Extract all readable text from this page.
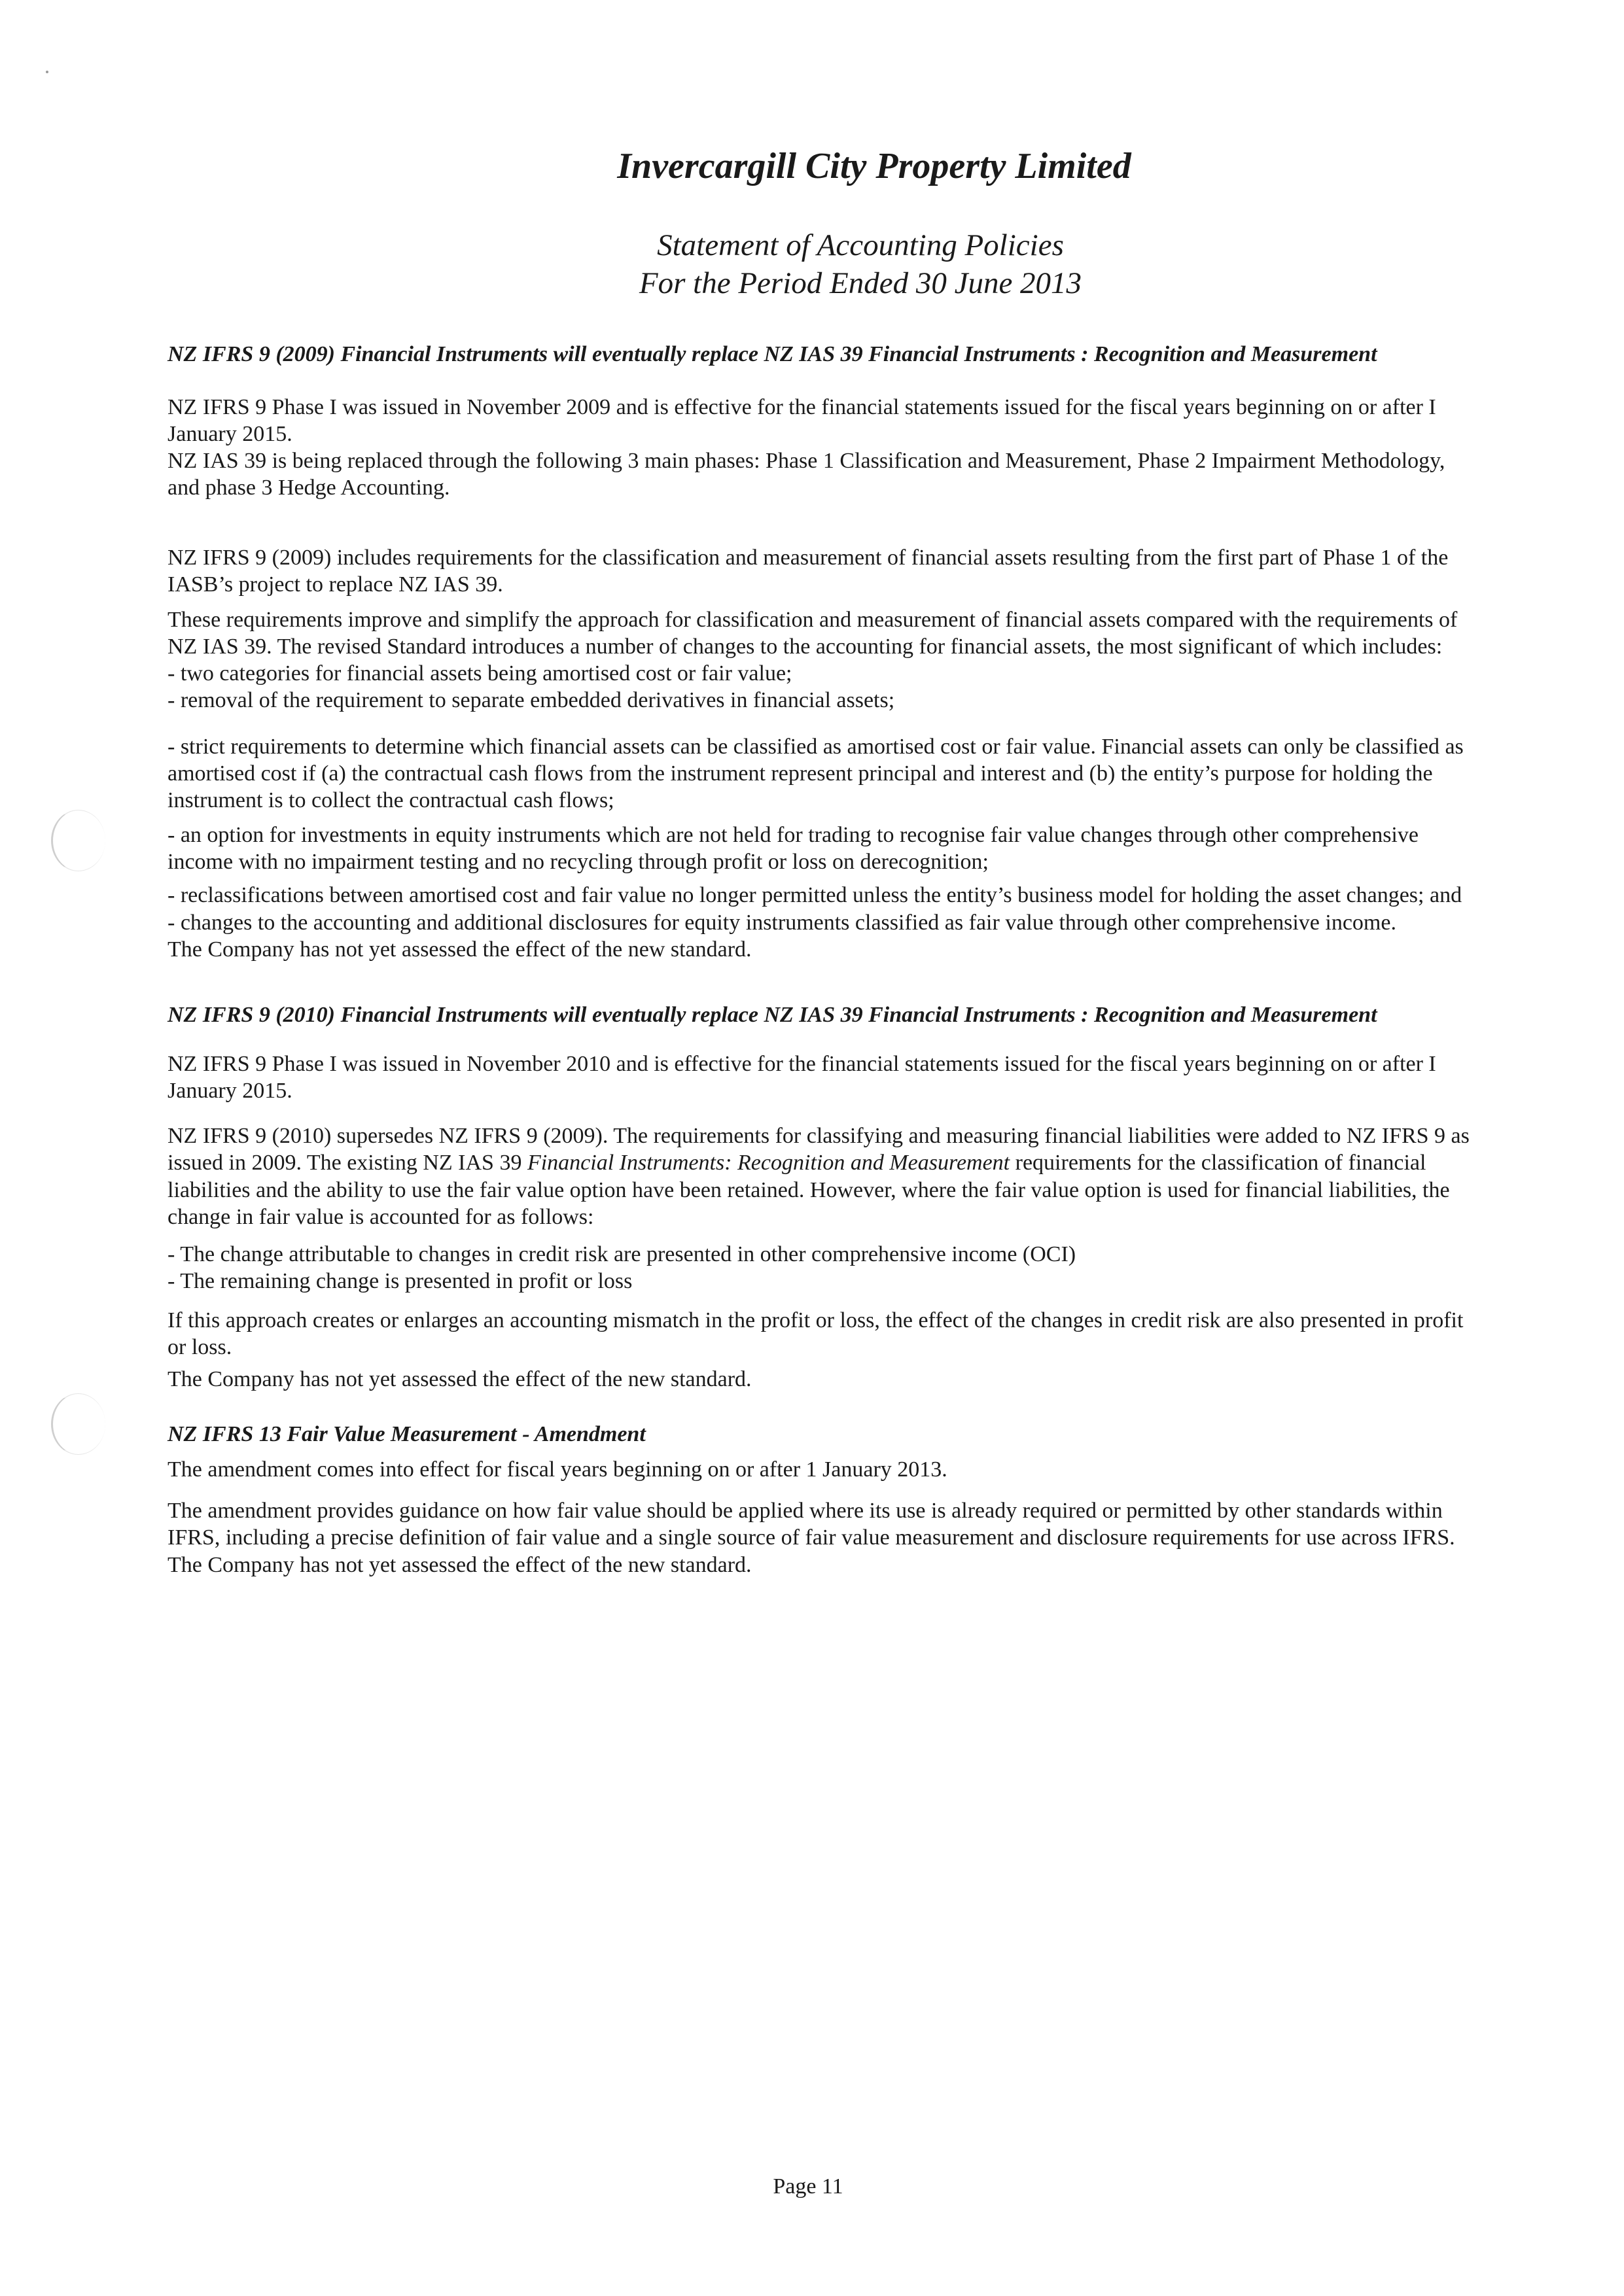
Invercargill City Property Limited
Statement of Accounting Policies
For the Period Ended 30 June 2013
NZ IFRS 9 (2009) Financial Instruments will eventually replace NZ IAS 39 Financial Instruments : Recognition and Measurement
NZ IFRS 9 Phase I was issued in November 2009 and is effective for the financial statements issued for the fiscal years beginning on or after I
January 2015.
NZ IAS 39 is being replaced through the following 3 main phases: Phase 1 Classification and Measurement, Phase 2 Impairment Methodology,
and phase 3 Hedge Accounting.
NZ IFRS 9 (2009) includes requirements for the classification and measurement of financial assets resulting from the first part of Phase 1 of the
IASB’s project to replace NZ IAS 39.
These requirements improve and simplify the approach for classification and measurement of financial assets compared with the requirements of
NZ IAS 39. The revised Standard introduces a number of changes to the accounting for financial assets, the most significant of which includes:
- two categories for financial assets being amortised cost or fair value;
- removal of the requirement to separate embedded derivatives in financial assets;
- strict requirements to determine which financial assets can be classified as amortised cost or fair value. Financial assets can only be classified as
amortised cost if (a) the contractual cash flows from the instrument represent principal and interest and (b) the entity’s purpose for holding the
instrument is to collect the contractual cash flows;
- an option for investments in equity instruments which are not held for trading to recognise fair value changes through other comprehensive
income with no impairment testing and no recycling through profit or loss on derecognition;
- reclassifications between amortised cost and fair value no longer permitted unless the entity’s business model for holding the asset changes; and
- changes to the accounting and additional disclosures for equity instruments classified as fair value through other comprehensive income.
The Company has not yet assessed the effect of the new standard.
NZ IFRS 9 (2010) Financial Instruments will eventually replace NZ IAS 39 Financial Instruments : Recognition and Measurement
NZ IFRS 9 Phase I was issued in November 2010 and is effective for the financial statements issued for the fiscal years beginning on or after I
January 2015.
NZ IFRS 9 (2010) supersedes NZ IFRS 9 (2009). The requirements for classifying and measuring financial liabilities were added to NZ IFRS 9 as
issued in 2009. The existing NZ IAS 39 Financial Instruments: Recognition and Measurement requirements for the classification of financial
liabilities and the ability to use the fair value option have been retained. However, where the fair value option is used for financial liabilities, the
change in fair value is accounted for as follows:
- The change attributable to changes in credit risk are presented in other comprehensive income (OCI)
- The remaining change is presented in profit or loss
If this approach creates or enlarges an accounting mismatch in the profit or loss, the effect of the changes in credit risk are also presented in profit
or loss.
The Company has not yet assessed the effect of the new standard.
NZ IFRS 13 Fair Value Measurement - Amendment
The amendment comes into effect for fiscal years beginning on or after 1 January 2013.
The amendment provides guidance on how fair value should be applied where its use is already required or permitted by other standards within
IFRS, including a precise definition of fair value and a single source of fair value measurement and disclosure requirements for use across IFRS.
The Company has not yet assessed the effect of the new standard.
Page 11
